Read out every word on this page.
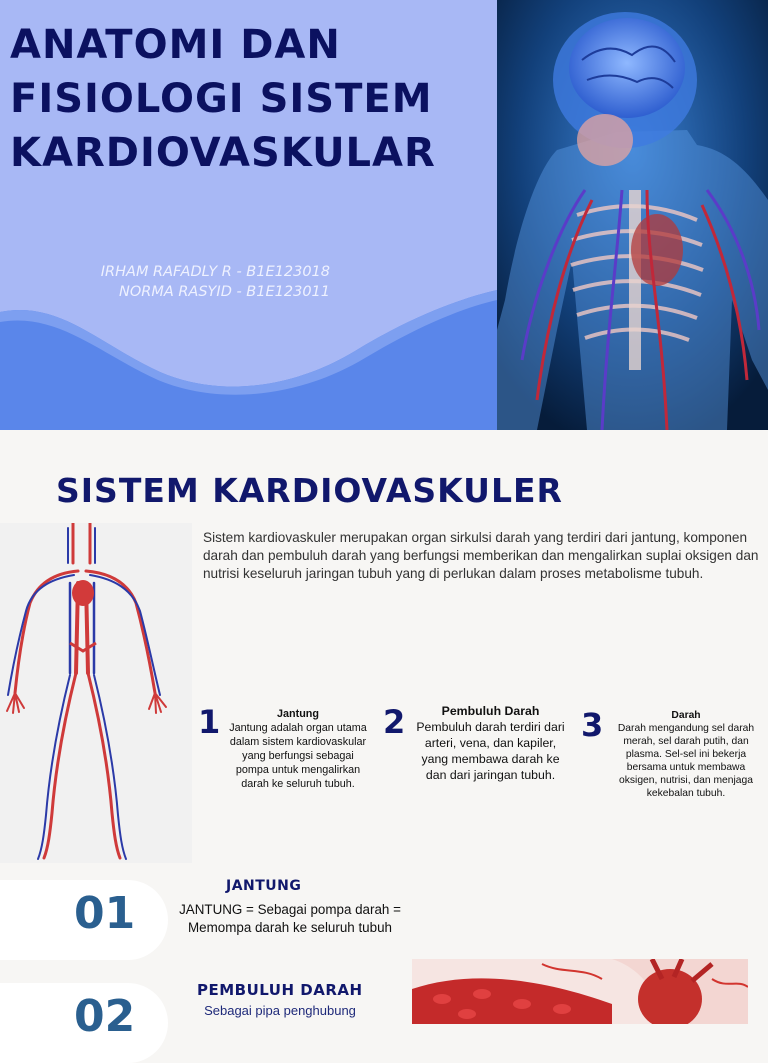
ANATOMI DAN
FISIOLOGI SISTEM
KARDIOVASKULAR
IRHAM RAFADLY R - B1E123018
NORMA RASYID - B1E123011
SISTEM KARDIOVASKULER

Sistem kardiovaskuler merupakan organ sirkulsi darah yang terdiri dari jantung, komponen darah dan pembuluh darah yang berfungsi memberikan dan mengalirkan suplai oksigen dan nutrisi keseluruh jaringan tubuh yang di perlukan dalam proses metabolisme tubuh.

1	Jantung
Jantung adalah organ utama dalam sistem kardiovaskular yang berfungsi sebagai pompa untuk mengalirkan darah ke seluruh tubuh.
2	Pembuluh Darah
Pembuluh darah terdiri dari arteri, vena, dan kapiler, yang membawa darah ke dan dari jaringan tubuh.
3	Darah
Darah mengandung sel darah merah, sel darah putih, dan plasma. Sel-sel ini bekerja bersama untuk membawa oksigen, nutrisi, dan menjaga kekebalan tubuh.
01
JANTUNG
JANTUNG = Sebagai pompa darah = Memompa darah ke seluruh tubuh
02
PEMBULUH DARAH
Sebagai pipa penghubung
